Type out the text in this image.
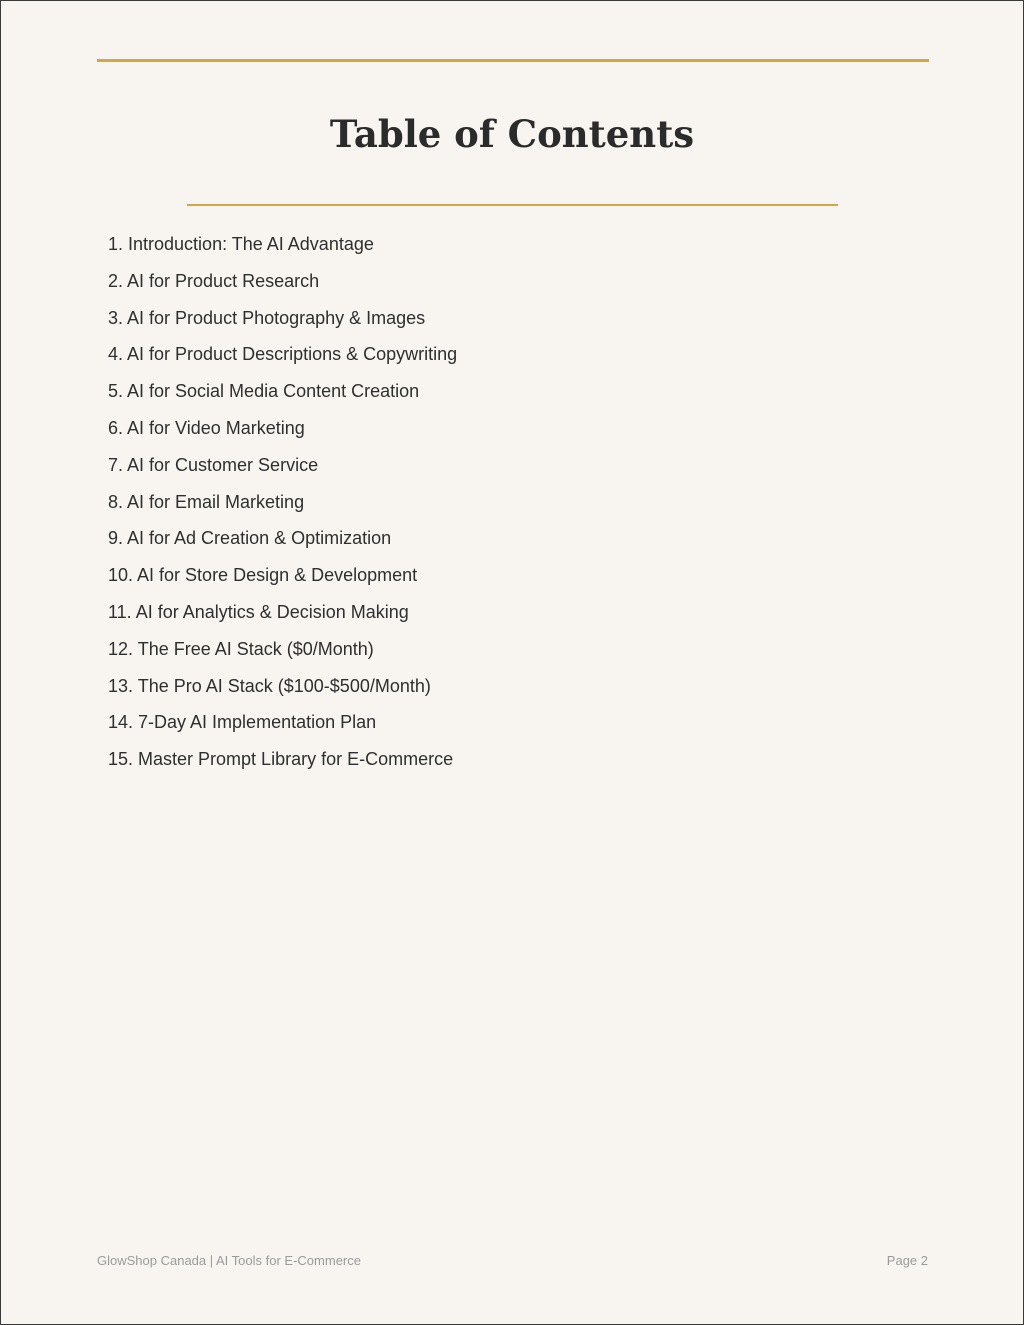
Table of Contents
1. Introduction: The AI Advantage
2. AI for Product Research
3. AI for Product Photography & Images
4. AI for Product Descriptions & Copywriting
5. AI for Social Media Content Creation
6. AI for Video Marketing
7. AI for Customer Service
8. AI for Email Marketing
9. AI for Ad Creation & Optimization
10. AI for Store Design & Development
11. AI for Analytics & Decision Making
12. The Free AI Stack ($0/Month)
13. The Pro AI Stack ($100-$500/Month)
14. 7-Day AI Implementation Plan
15. Master Prompt Library for E-Commerce
GlowShop Canada | AI Tools for E-Commerce	Page 2
